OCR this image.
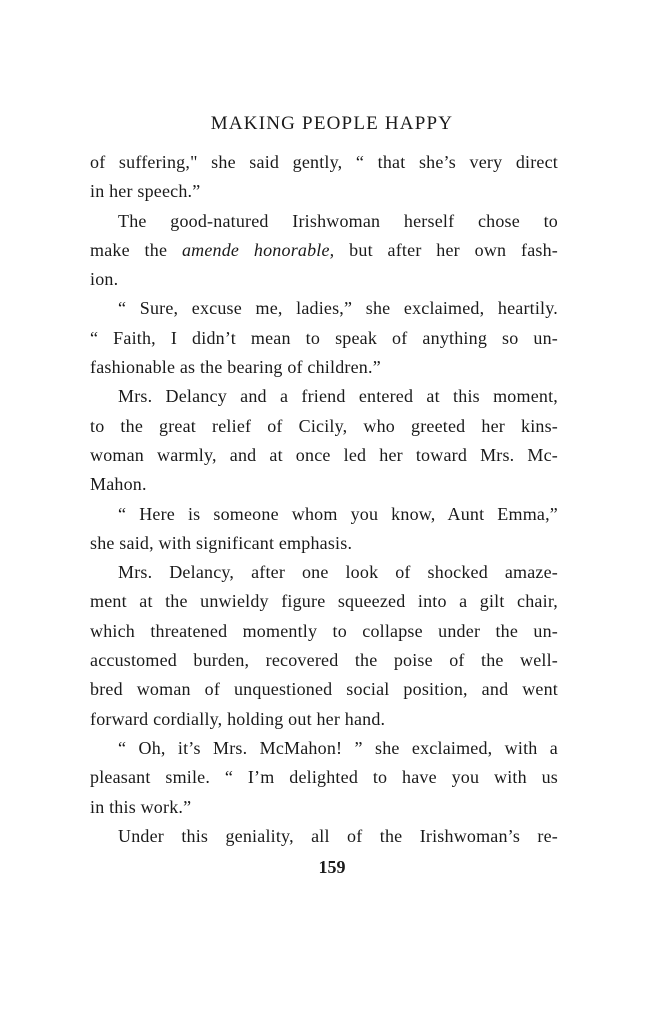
MAKING PEOPLE HAPPY
of suffering," she said gently, “ that she’s very direct
in her speech.”
The good-natured Irishwoman herself chose to
make the amende honorable, but after her own fash-
ion.
“ Sure, excuse me, ladies,” she exclaimed, heartily.
“ Faith, I didn’t mean to speak of anything so un-
fashionable as the bearing of children.”
Mrs. Delancy and a friend entered at this moment,
to the great relief of Cicily, who greeted her kins-
woman warmly, and at once led her toward Mrs. Mc-
Mahon.
“ Here is someone whom you know, Aunt Emma,”
she said, with significant emphasis.
Mrs. Delancy, after one look of shocked amaze-
ment at the unwieldy figure squeezed into a gilt chair,
which threatened momently to collapse under the un-
accustomed burden, recovered the poise of the well-
bred woman of unquestioned social position, and went
forward cordially, holding out her hand.
“ Oh, it’s Mrs. McMahon! ” she exclaimed, with a
pleasant smile. “ I’m delighted to have you with us
in this work.”
Under this geniality, all of the Irishwoman’s re-

159
